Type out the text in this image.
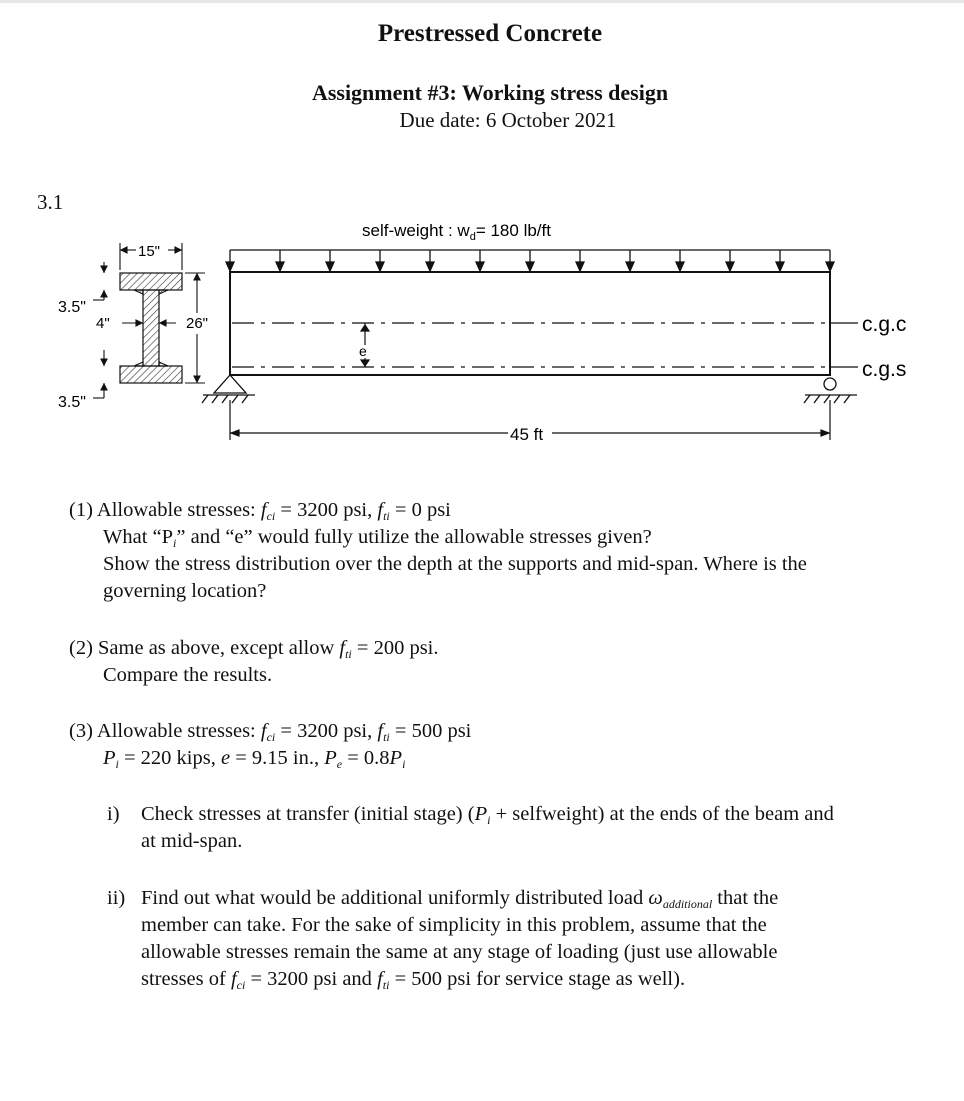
Prestressed Concrete
Assignment #3: Working stress design
Due date: 6 October 2021
3.1
self-weight : $w_d= 180$ lb/ft
c.g.c
c.g.s
e
45 ft
15"
3.5"
4"	26"
3.5"
(1) Allowable stresses: $f_{ci} = 3200$ psi, $f_{ti} = 0$ psi
What “$P_i$” and “e” would fully utilize the allowable stresses given?
Show the stress distribution over the depth at the supports and mid-span. Where is the
governing location?
(2) Same as above, except allow $f_{ti} = 200$ psi.
Compare the results.
(3) Allowable stresses: $f_{ci} = 3200$ psi, $f_{ti} = 500$ psi
$P_i = 220$ kips, e = 9.15 in., $P_e = 0.8P_i$
i) Check stresses at transfer (initial stage) ($P_i$ + selfweight) at the ends of the beam and
at mid-span.
ii) Find out what would be additional uniformly distributed load $\omega_{additional}$ that the
member can take. For the sake of simplicity in this problem, assume that the
allowable stresses remain the same at any stage of loading (just use allowable
stresses of $f_{ci} = 3200$ psi and $f_{ti} = 500$ psi for service stage as well).
